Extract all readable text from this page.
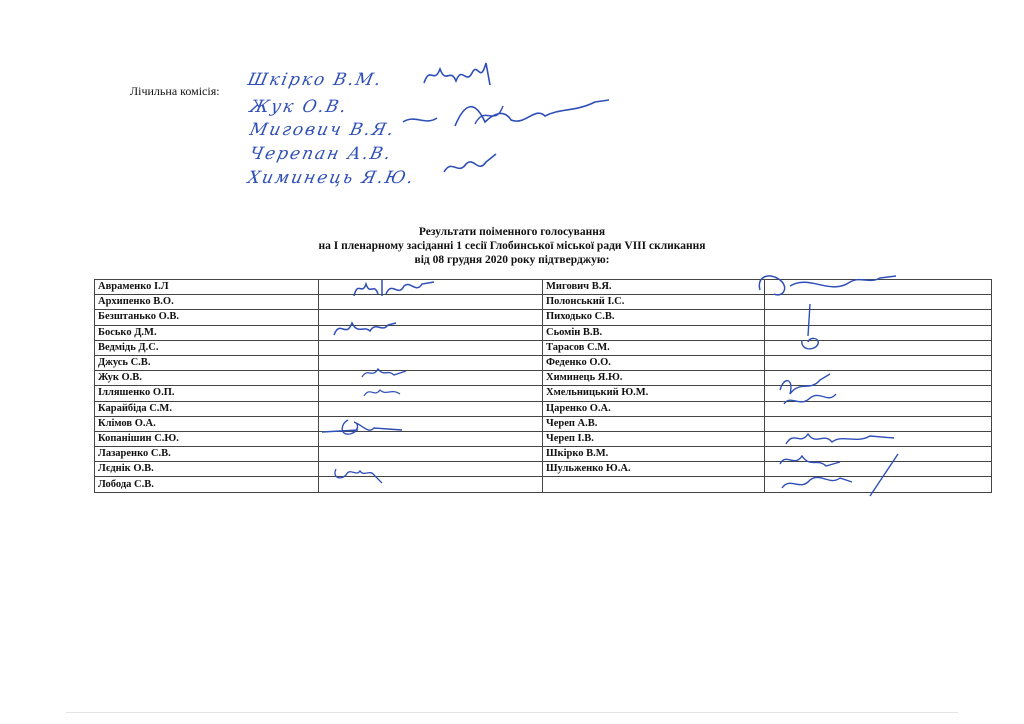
Лічильна комісія:
Шкірко В.М.
Жук О.В.
Мигович В.Я.
Черепан А.В.
Химинець Я.Ю.
Результати поіменного голосування
на І пленарному засіданні 1 сесії Глобинської міської ради VIII скликання
від 08 грудня 2020 року підтверджую:
Авраменко І.Л		Мигович В.Я.	
Архипенко В.О.		Полонський І.С.	
Безштанько О.В.		Пиходько С.В.	
Босько Д.М.		Сьомін В.В.	
Ведмідь Д.С.		Тарасов С.М.	
Джусь С.В.		Феденко О.О.	
Жук О.В.		Химинець Я.Ю.	
Ілляшенко О.П.		Хмельницький Ю.М.	
Карайбіда С.М.		Царенко О.А.	
Клімов О.А.		Череп А.В.	
Копанішин С.Ю.		Череп І.В.	
Лазаренко С.В.		Шкірко В.М.	
Лєднік О.В.		Шульженко Ю.А.	
Лобода С.В.			
